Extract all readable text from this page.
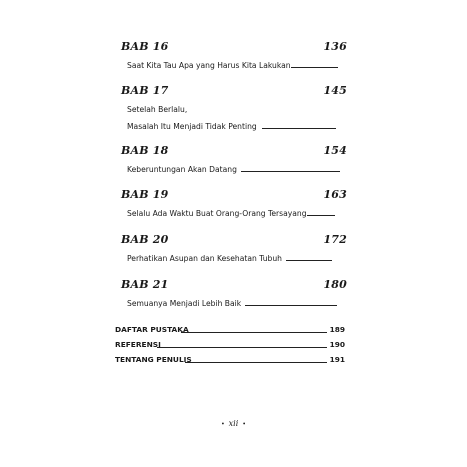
BAB 16	136
Saat Kita Tau Apa yang Harus Kita Lakukan
BAB 17	145
Setelah Berlalu,
Masalah Itu Menjadi Tidak Penting
BAB 18	154
Keberuntungan Akan Datang
BAB 19	163
Selalu Ada Waktu Buat Orang-Orang Tersayang
BAB 20	172
Perhatikan Asupan dan Kesehatan Tubuh
BAB 21	180
Semuanya Menjadi Lebih Baik
DAFTAR PUSTAKA	189
REFERENSI	190
TENTANG PENULIS	191
• xii •
